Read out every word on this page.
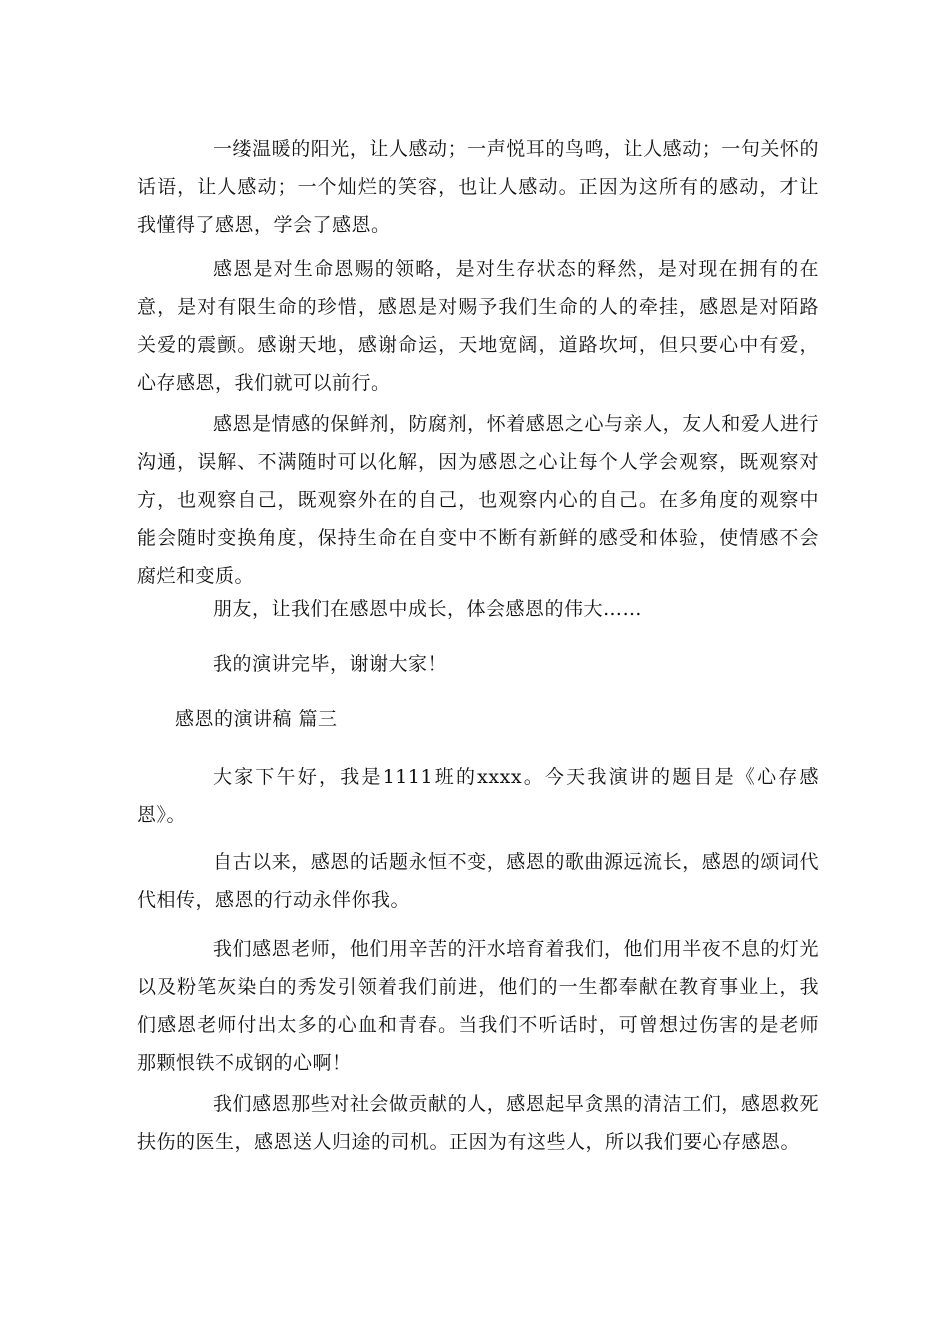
一缕温暖的阳光，让人感动；一声悦耳的鸟鸣，让人感动；一句关怀的话语，让人感动；一个灿烂的笑容，也让人感动。正因为这所有的感动，才让我懂得了感恩，学会了感恩。

感恩是对生命恩赐的领略，是对生存状态的释然，是对现在拥有的在意，是对有限生命的珍惜，感恩是对赐予我们生命的人的牵挂，感恩是对陌路关爱的震颤。感谢天地，感谢命运，天地宽阔，道路坎坷，但只要心中有爱，心存感恩，我们就可以前行。

感恩是情感的保鲜剂，防腐剂，怀着感恩之心与亲人，友人和爱人进行沟通，误解、不满随时可以化解，因为感恩之心让每个人学会观察，既观察对方，也观察自己，既观察外在的自己，也观察内心的自己。在多角度的观察中能会随时变换角度，保持生命在自变中不断有新鲜的感受和体验，使情感不会腐烂和变质。

朋友，让我们在感恩中成长，体会感恩的伟大……

我的演讲完毕，谢谢大家！

感恩的演讲稿 篇三

大家下午好，我是1111班的xxxx。今天我演讲的题目是《心存感恩》。

自古以来，感恩的话题永恒不变，感恩的歌曲源远流长，感恩的颂词代代相传，感恩的行动永伴你我。

我们感恩老师，他们用辛苦的汗水培育着我们，他们用半夜不息的灯光以及粉笔灰染白的秀发引领着我们前进，他们的一生都奉献在教育事业上，我们感恩老师付出太多的心血和青春。当我们不听话时，可曾想过伤害的是老师那颗恨铁不成钢的心啊！

我们感恩那些对社会做贡献的人，感恩起早贪黑的清洁工们，感恩救死扶伤的医生，感恩送人归途的司机。正因为有这些人，所以我们要心存感恩。
